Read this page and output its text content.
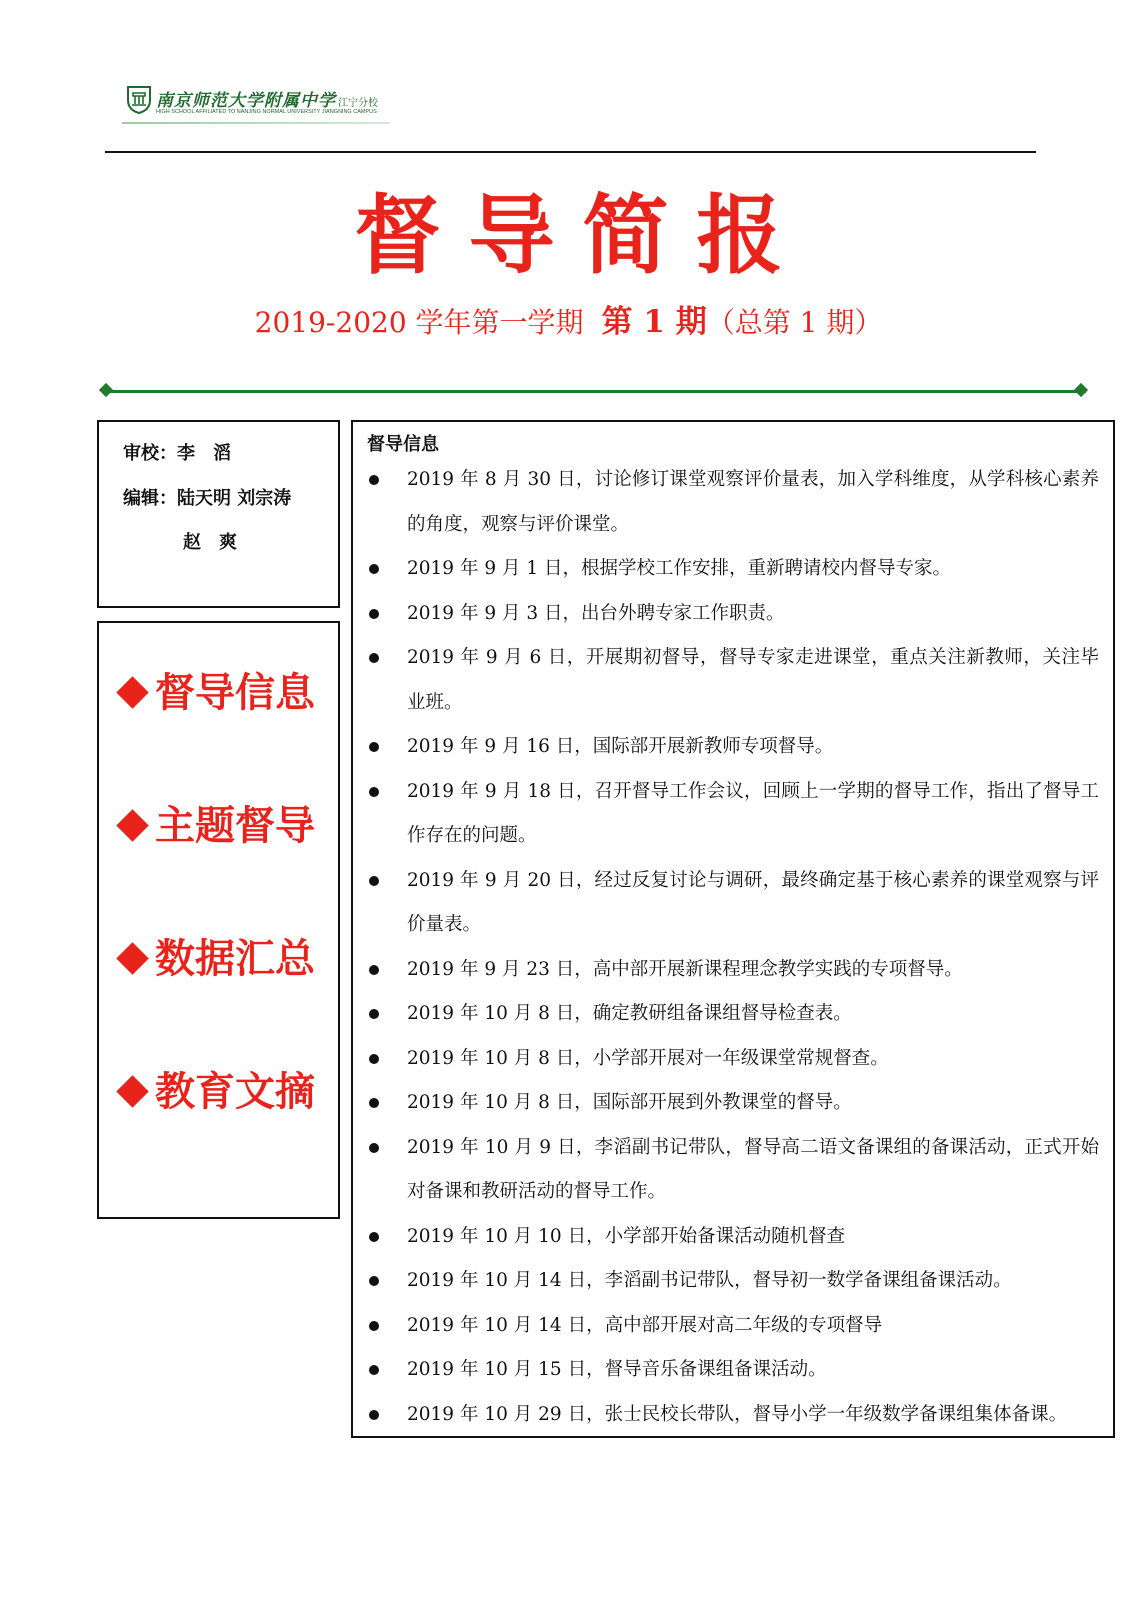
南京师范大学附属中学 江宁分校
HIGH SCHOOL AFFILIATED TO NANJING NORMAL UNIVERSITY JIANGNING CAMPUS
督导简报
2019-2020 学年第一学期 第 1 期（总第 1 期）
审校：李　滔
编辑：陆天明 刘宗涛
赵　爽
督导信息
主题督导
数据汇总
教育文摘
督导信息
2019 年 8 月 30 日，讨论修订课堂观察评价量表，加入学科维度，从学科核心素养的角度，观察与评价课堂。
2019 年 9 月 1 日，根据学校工作安排，重新聘请校内督导专家。
2019 年 9 月 3 日，出台外聘专家工作职责。
2019 年 9 月 6 日，开展期初督导，督导专家走进课堂，重点关注新教师，关注毕业班。
2019 年 9 月 16 日，国际部开展新教师专项督导。
2019 年 9 月 18 日，召开督导工作会议，回顾上一学期的督导工作，指出了督导工作存在的问题。
2019 年 9 月 20 日，经过反复讨论与调研，最终确定基于核心素养的课堂观察与评价量表。
2019 年 9 月 23 日，高中部开展新课程理念教学实践的专项督导。
2019 年 10 月 8 日，确定教研组备课组督导检查表。
2019 年 10 月 8 日，小学部开展对一年级课堂常规督查。
2019 年 10 月 8 日，国际部开展到外教课堂的督导。
2019 年 10 月 9 日，李滔副书记带队，督导高二语文备课组的备课活动，正式开始对备课和教研活动的督导工作。
2019 年 10 月 10 日，小学部开始备课活动随机督查
2019 年 10 月 14 日，李滔副书记带队，督导初一数学备课组备课活动。
2019 年 10 月 14 日，高中部开展对高二年级的专项督导
2019 年 10 月 15 日，督导音乐备课组备课活动。
2019 年 10 月 29 日，张士民校长带队，督导小学一年级数学备课组集体备课。
